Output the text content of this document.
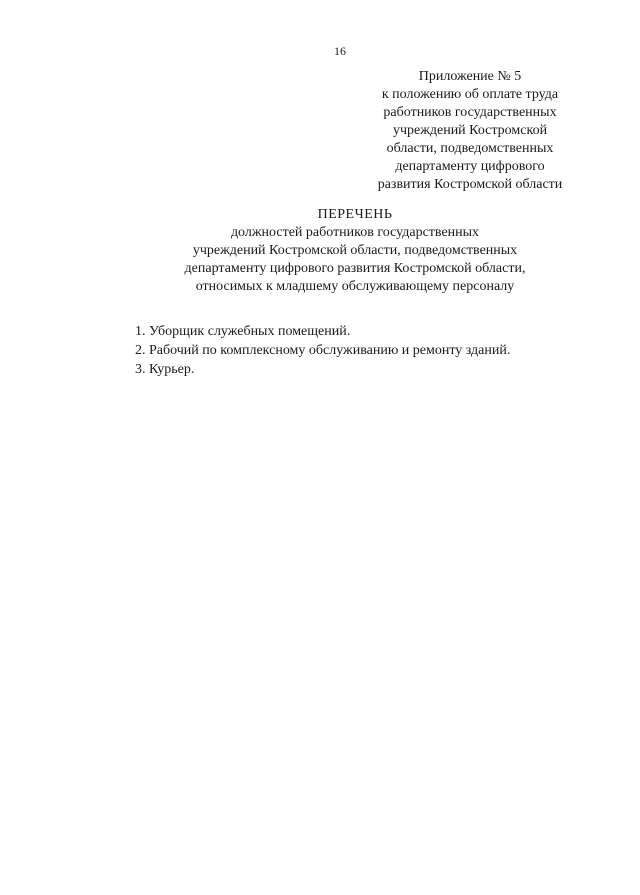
16
Приложение № 5
к положению об оплате труда
работников государственных
учреждений Костромской
области, подведомственных
департаменту цифрового
развития Костромской области
ПЕРЕЧЕНЬ
должностей работников государственных
учреждений Костромской области, подведомственных
департаменту цифрового развития Костромской области,
относимых к младшему обслуживающему персоналу
1. Уборщик служебных помещений.
2. Рабочий по комплексному обслуживанию и ремонту зданий.
3. Курьер.
